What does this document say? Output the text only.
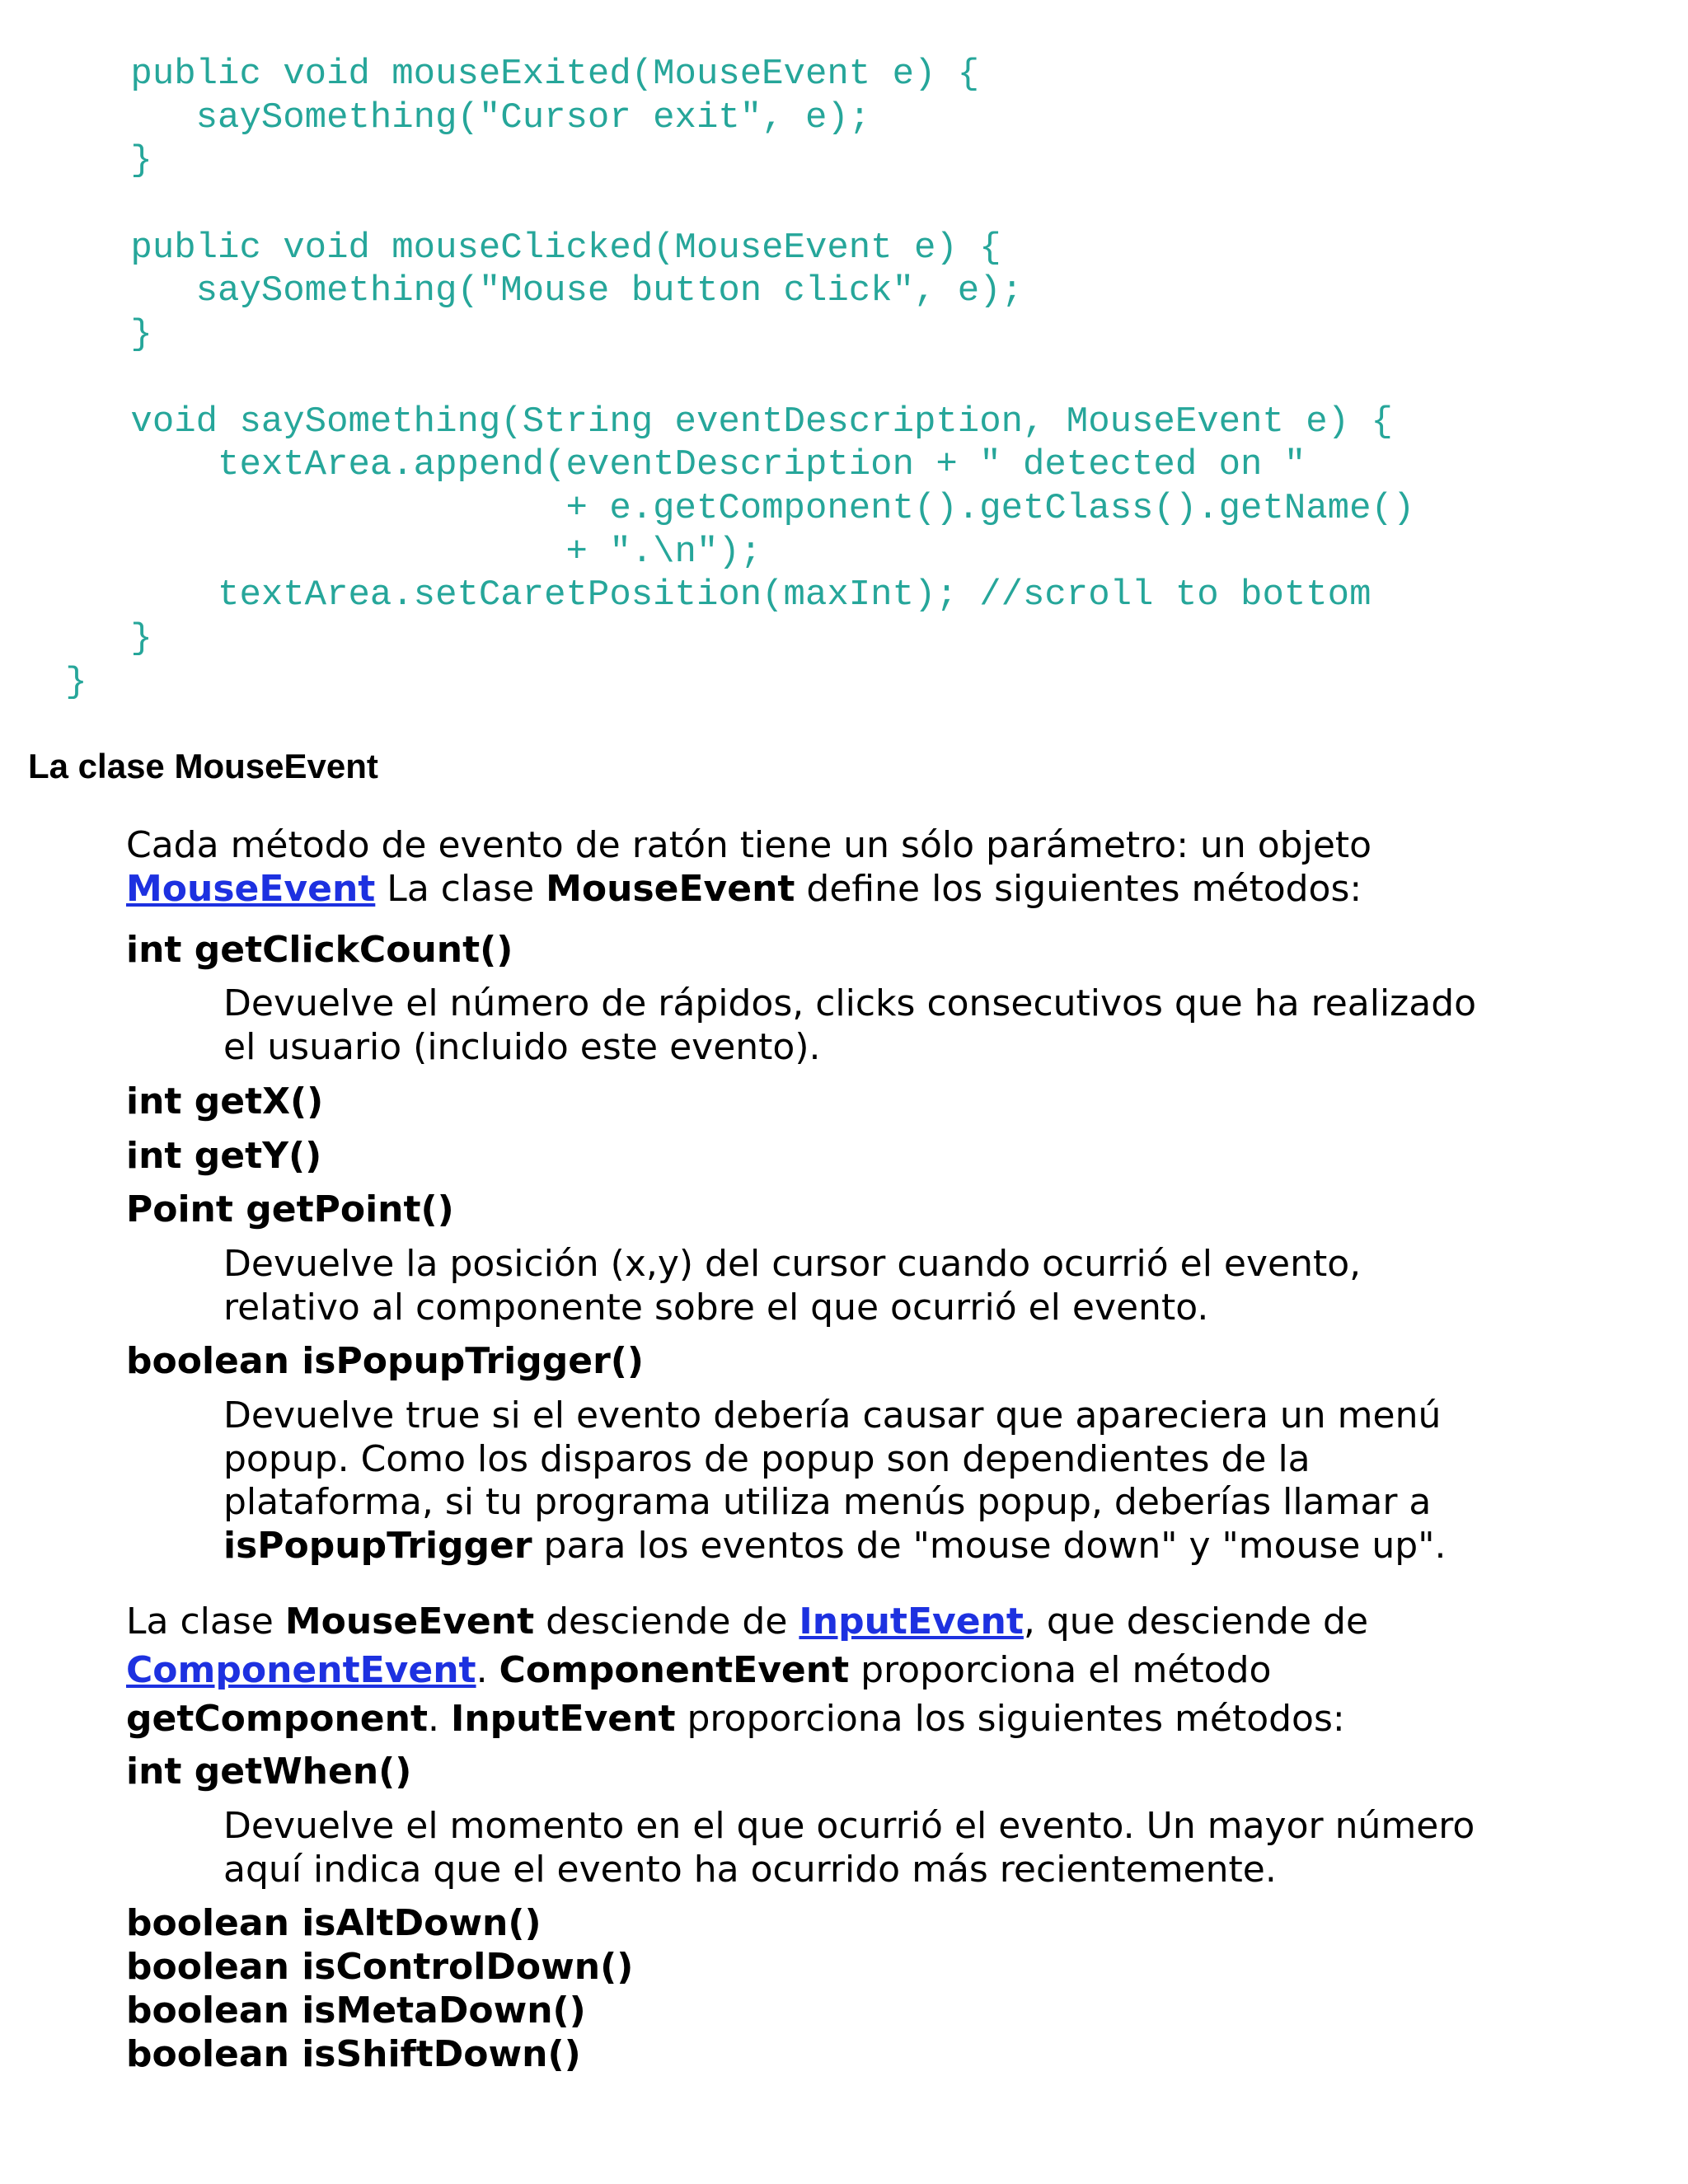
public void mouseExited(MouseEvent e) {
saySomething("Cursor exit", e);
}
public void mouseClicked(MouseEvent e) {
saySomething("Mouse button click", e);
}
void saySomething(String eventDescription, MouseEvent e) {
textArea.append(eventDescription + " detected on "
+ e.getComponent().getClass().getName()
+ ".\n");
textArea.setCaretPosition(maxInt); //scroll to bottom
}
}
La clase MouseEvent

Cada método de evento de ratón tiene un sólo parámetro: un objeto
MouseEvent La clase MouseEvent define los siguientes métodos:

int getClickCount()

Devuelve el número de rápidos, clicks consecutivos que ha realizado
el usuario (incluido este evento).

int getX()
int getY()
Point getPoint()

Devuelve la posición (x,y) del cursor cuando ocurrió el evento,
relativo al componente sobre el que ocurrió el evento.

boolean isPopupTrigger()

Devuelve true si el evento debería causar que apareciera un menú
popup. Como los disparos de popup son dependientes de la
plataforma, si tu programa utiliza menús popup, deberías llamar a
isPopupTrigger para los eventos de "mouse down" y "mouse up".

La clase MouseEvent desciende de InputEvent, que desciende de
ComponentEvent. ComponentEvent proporciona el método
getComponent. InputEvent proporciona los siguientes métodos:

int getWhen()

Devuelve el momento en el que ocurrió el evento. Un mayor número
aquí indica que el evento ha ocurrido más recientemente.

boolean isAltDown()
boolean isControlDown()
boolean isMetaDown()
boolean isShiftDown()
